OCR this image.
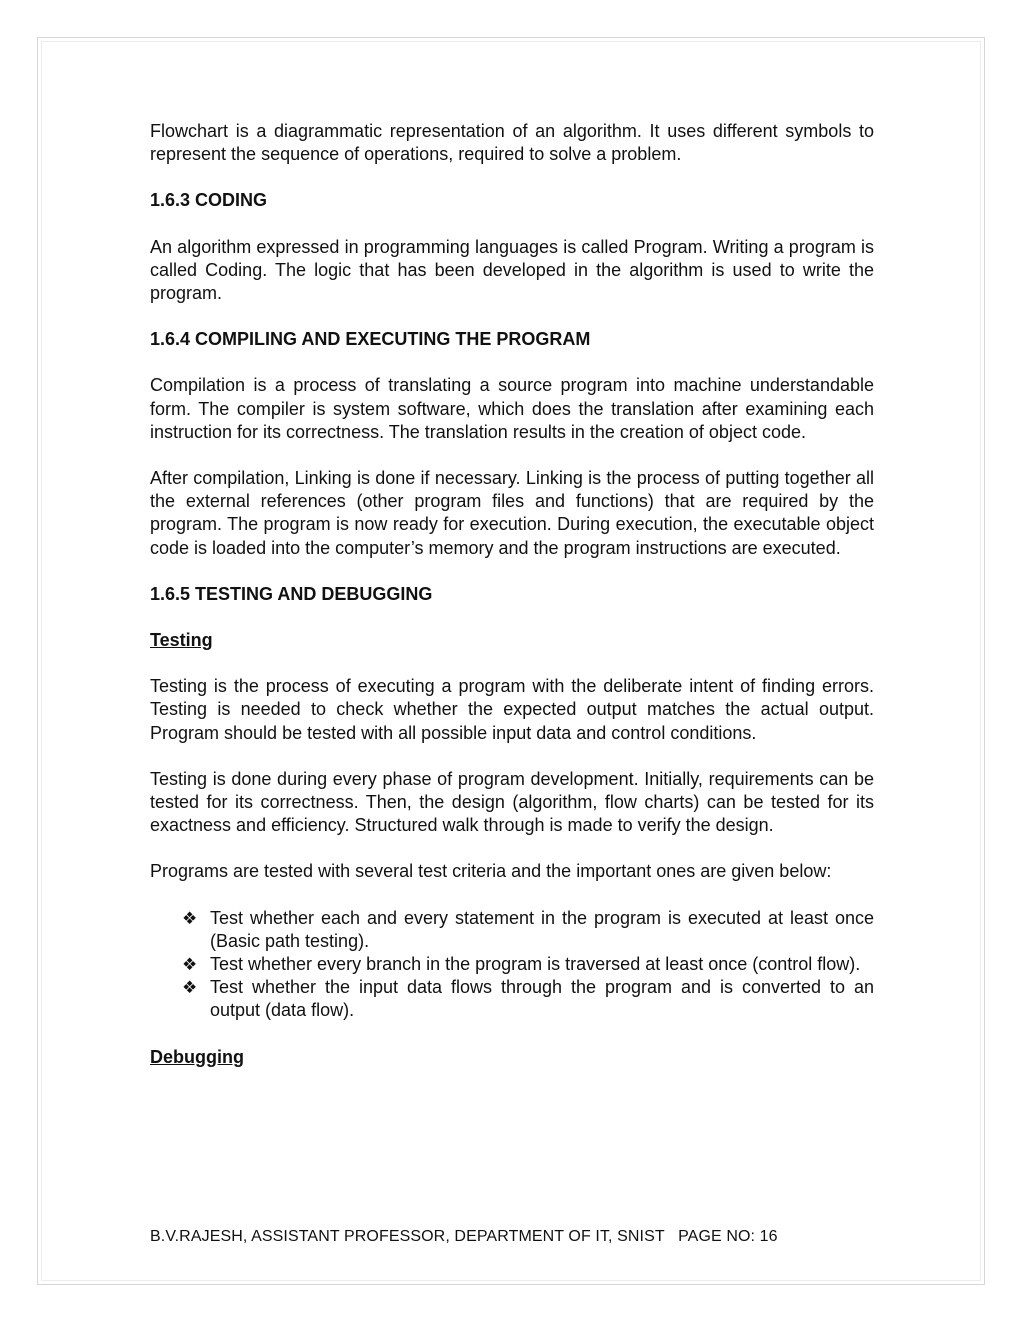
Flowchart is a diagrammatic representation of an algorithm. It uses different symbols to represent the sequence of operations, required to solve a problem.

1.6.3 CODING

An algorithm expressed in programming languages is called Program. Writing a program is called Coding. The logic that has been developed in the algorithm is used to write the program.

1.6.4 COMPILING AND EXECUTING THE PROGRAM

Compilation is a process of translating a source program into machine understandable form. The compiler is system software, which does the translation after examining each instruction for its correctness. The translation results in the creation of object code.

After compilation, Linking is done if necessary. Linking is the process of putting together all the external references (other program files and functions) that are required by the program. The program is now ready for execution. During execution, the executable object code is loaded into the computer’s memory and the program instructions are executed.

1.6.5 TESTING AND DEBUGGING
Testing

Testing is the process of executing a program with the deliberate intent of finding errors. Testing is needed to check whether the expected output matches the actual output. Program should be tested with all possible input data and control conditions.

Testing is done during every phase of program development. Initially, requirements can be tested for its correctness. Then, the design (algorithm, flow charts) can be tested for its exactness and efficiency. Structured walk through is made to verify the design.

Programs are tested with several test criteria and the important ones are given below:

❖ Test whether each and every statement in the program is executed at least once (Basic path testing).
❖ Test whether every branch in the program is traversed at least once (control flow).
❖ Test whether the input data flows through the program and is converted to an output (data flow).
Debugging
B.V.RAJESH, ASSISTANT PROFESSOR, DEPARTMENT OF IT, SNIST   PAGE NO: 16
